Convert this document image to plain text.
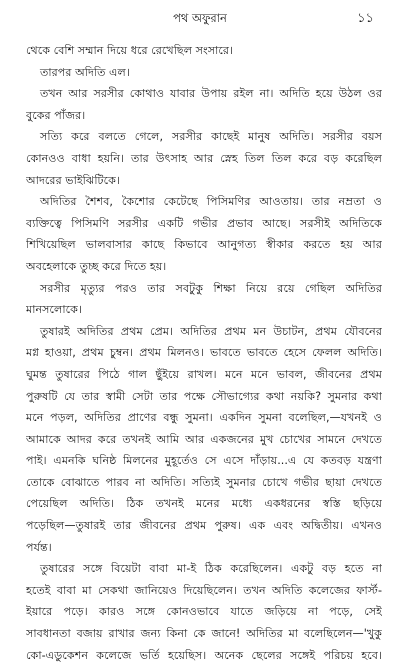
পথ অফুরান	১১
থেকে বেশি সম্মান দিয়ে ধরে রেখেছিল সংসারে।
তারপর অদিতি এল।
তখন আর সরসীর কোথাও যাবার উপায় রইল না। অদিতি হয়ে উঠল ওর
বুকের পাঁজর।
সত্যি করে বলতে গেলে, সরসীর কাছেই মানুষ অদিতি। সরসীর বয়স
কোনওও বাধা হয়নি। তার উৎসাহ আর স্নেহ তিল তিল করে বড় করেছিল
আদরের ভাইঝিটিকে।
অদিতির শৈশব, কৈশোর কেটেছে পিসিমণির আওতায়। তার নম্রতা ও
ব্যক্তিত্বে পিসিমণি সরসীর একটি গভীর প্রভাব আছে। সরসীই অদিতিকে
শিখিয়েছিল ভালবাসার কাছে কিভাবে আনুগত্য স্বীকার করতে হয় আর
অবহেলাকে তুচ্ছ করে দিতে হয়।
সরসীর মৃত্যুর পরও তার সবটুকু শিক্ষা নিয়ে রয়ে গেছিল অদিতির
মানসলোকে।
তুষারই অদিতির প্রথম প্রেম। অদিতির প্রথম মন উচাটন, প্রথম যৌবনের
মগ্ন হাওয়া, প্রথম চুম্বন। প্রথম মিলনও। ভাবতে ভাবতে হেসে ফেলল অদিতি।
ঘুমন্ত তুষারের পিঠে গাল ছুঁইয়ে রাখল। মনে মনে ভাবল, জীবনের প্রথম
পুরুষটি যে তার স্বামী সেটা তার পক্ষে সৌভাগ্যের কথা নয়কি? সুমনার কথা
মনে পড়ল, অদিতির প্রাণের বন্ধু সুমনা। একদিন সুমনা বলেছিল,—যখনই ও
আমাকে আদর করে তখনই আমি আর একজনের মুখ চোখের সামনে দেখতে
পাই। এমনকি ঘনিষ্ঠ মিলনের মুহূর্তেও সে এসে দাঁড়ায়...এ যে কতবড় যন্ত্রণা
তোকে বোঝাতে পারব না অদিতি। সত্যিই সুমনার চোখে গভীর ছায়া দেখতে
পেয়েছিল অদিতি। ঠিক তখনই মনের মধ্যে একধরনের স্বস্তি ছড়িয়ে
পড়েছিল—তুষারই তার জীবনের প্রথম পুরুষ। এক এবং অদ্বিতীয়। এখনও
পর্যন্ত।
তুষারের সঙ্গে বিয়েটা বাবা মা-ই ঠিক করেছিলেন। একটু বড় হতে না
হতেই বাবা মা সেকথা জানিয়েও দিয়েছিলেন। তখন অদিতি কলেজের ফার্স্ট-
ইয়ারে পড়ে। কারও সঙ্গে কোনওভাবে যাতে জড়িয়ে না পড়ে, সেই
সাবধানতা বজায় রাখার জন্য কিনা কে জানে! অদিতির মা বলেছিলেন—'খুকু
কো-এডুকেশন কলেজে ভর্তি হয়েছিস। অনেক ছেলের সঙ্গেই পরিচয় হবে।
